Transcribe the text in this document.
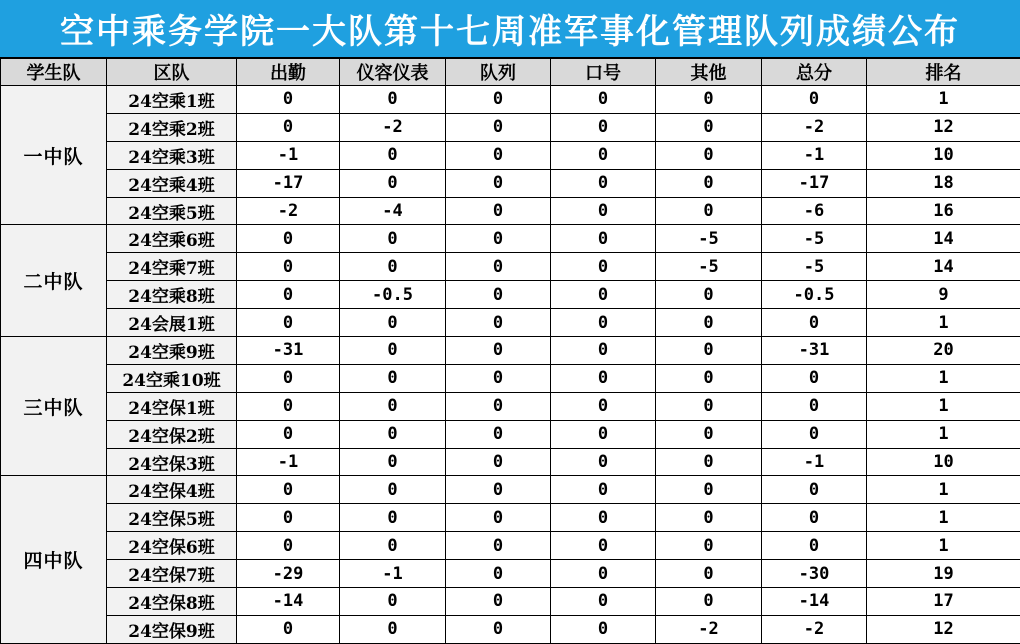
空中乘务学院一大队第十七周准军事化管理队列成绩公布
学生队	区队	出勤	仪容仪表	队列	口号	其他	总分	排名
一中队	24空乘1班	0	0	0	0	0	0	1
	24空乘2班	0	-2	0	0	0	-2	12
	24空乘3班	-1	0	0	0	0	-1	10
	24空乘4班	-17	0	0	0	0	-17	18
	24空乘5班	-2	-4	0	0	0	-6	16
二中队	24空乘6班	0	0	0	0	-5	-5	14
	24空乘7班	0	0	0	0	-5	-5	14
	24空乘8班	0	-0.5	0	0	0	-0.5	9
	24会展1班	0	0	0	0	0	0	1
三中队	24空乘9班	-31	0	0	0	0	-31	20
	24空乘10班	0	0	0	0	0	0	1
	24空保1班	0	0	0	0	0	0	1
	24空保2班	0	0	0	0	0	0	1
	24空保3班	-1	0	0	0	0	-1	10
四中队	24空保4班	0	0	0	0	0	0	1
	24空保5班	0	0	0	0	0	0	1
	24空保6班	0	0	0	0	0	0	1
	24空保7班	-29	-1	0	0	0	-30	19
	24空保8班	-14	0	0	0	0	-14	17
	24空保9班	0	0	0	0	-2	-2	12
